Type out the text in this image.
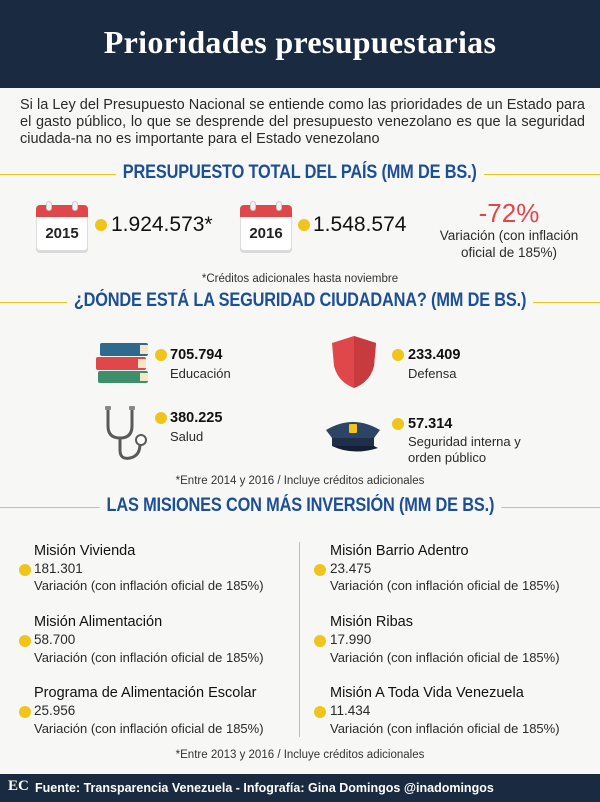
Prioridades presupuestarias

Si la Ley del Presupuesto Nacional se entiende como las prioridades de un Estado para el gasto público, lo que se desprende del presupuesto venezolano es que la seguridad ciudada-na no es importante para el Estado venezolano

PRESUPUESTO TOTAL DEL PAÍS (MM DE BS.)
2015	1.924.573*	2016	1.548.574	-72%
Variación (con inflación
oficial de 185%)
*Créditos adicionales hasta noviembre
¿DÓNDE ESTÁ LA SEGURIDAD CIUDADANA? (MM DE BS.)
705.794
Educación
233.409
Defensa
380.225
Salud
57.314
Seguridad interna y
orden público
*Entre 2014 y 2016 / Incluye créditos adicionales
LAS MISIONES CON MÁS INVERSIÓN (MM DE BS.)
Misión Vivienda
181.301
Variación (con inflación oficial de 185%)
Misión Alimentación
58.700
Variación (con inflación oficial de 185%)
Programa de Alimentación Escolar
25.956
Variación (con inflación oficial de 185%)
Misión Barrio Adentro
23.475
Variación (con inflación oficial de 185%)
Misión Ribas
17.990
Variación (con inflación oficial de 185%)
Misión A Toda Vida Venezuela
11.434
Variación (con inflación oficial de 185%)
*Entre 2013 y 2016 / Incluye créditos adicionales
EC Fuente: Transparencia Venezuela - Infografía: Gina Domingos @inadomingos
